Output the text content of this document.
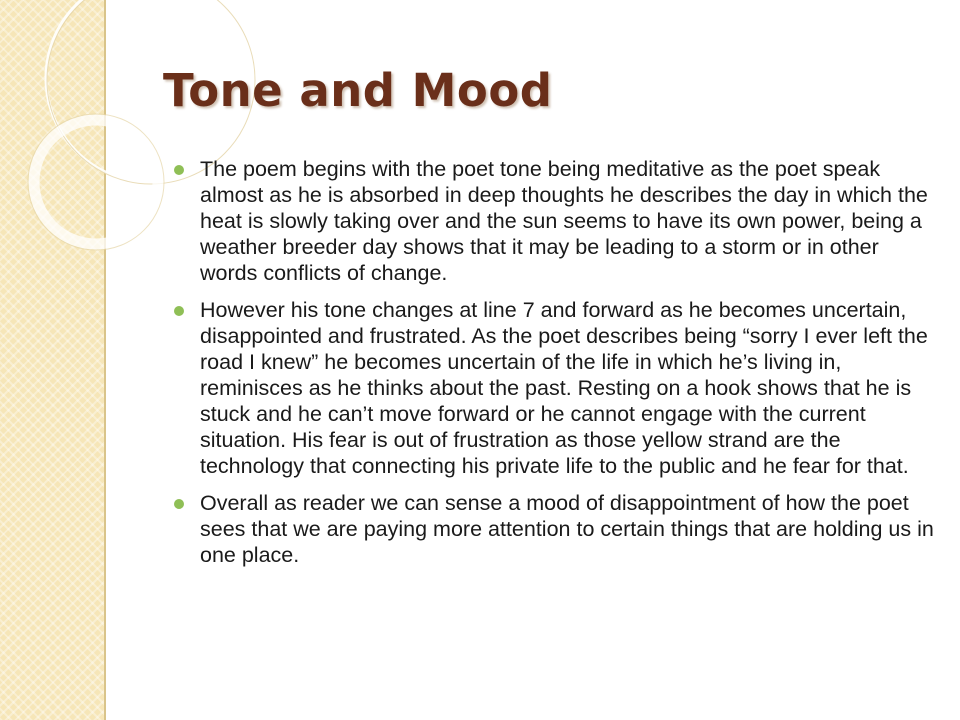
Tone and Mood
The poem begins with the poet tone being meditative as the poet speak almost as he is absorbed in deep thoughts he describes the day in which the heat is slowly taking over and the sun seems to have its own power, being a weather breeder day shows that it may be leading to a storm or in other words conflicts of change.
However his tone changes at line 7 and forward as he becomes uncertain, disappointed and frustrated. As the poet describes being “sorry I ever left the road I knew” he becomes uncertain of the life in which he’s living in, reminisces as he thinks about the past. Resting on a hook shows that he is stuck and he can’t move forward or he cannot engage with the current situation. His fear is out of frustration as those yellow strand are the technology that connecting his private life to the public and he fear for that.
Overall as reader we can sense a mood of disappointment of how the poet sees that we are paying more attention to certain things that are holding us in one place.
